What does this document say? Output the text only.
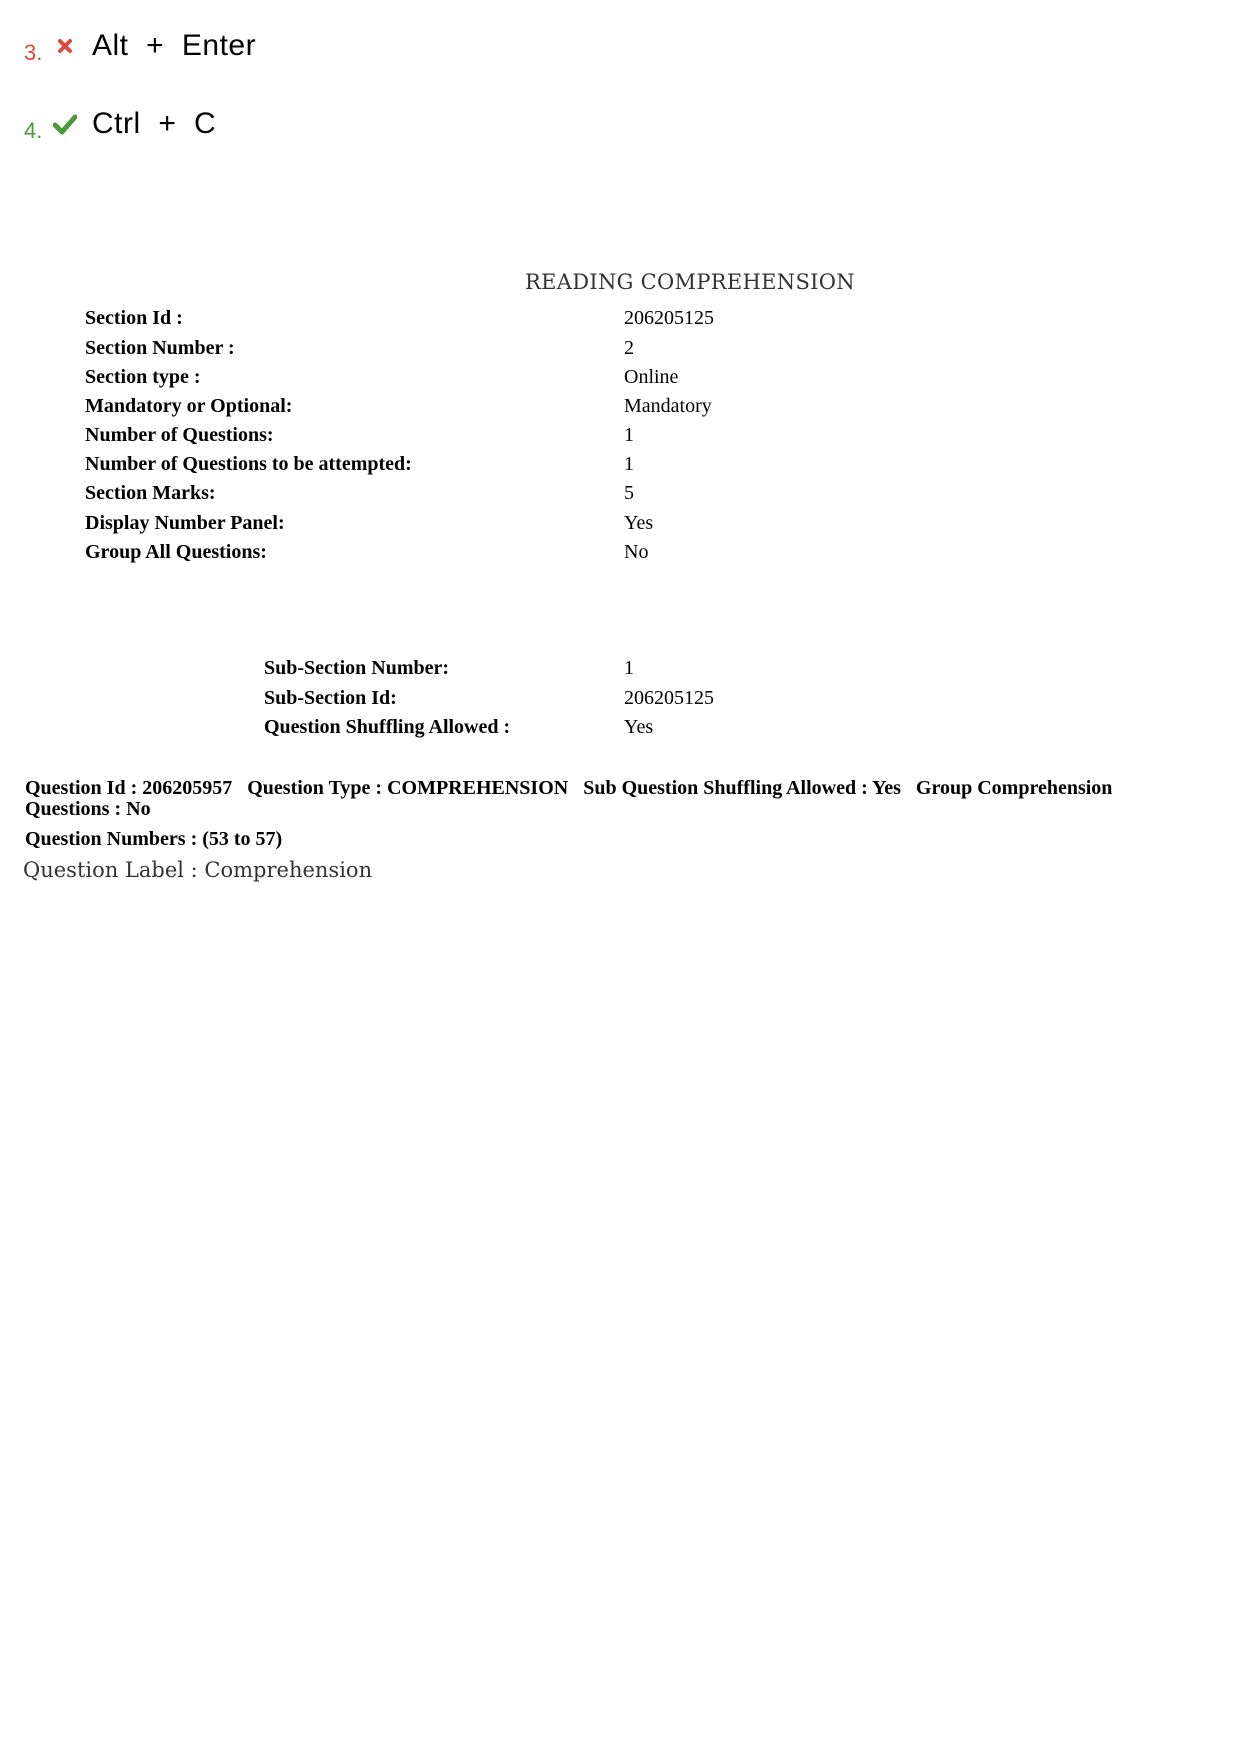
3.	Alt  +  Enter
4.	Ctrl  +  C
READING COMPREHENSION
Section Id :	206205125
Section Number :	2
Section type :	Online
Mandatory or Optional:	Mandatory
Number of Questions:	1
Number of Questions to be attempted:	1
Section Marks:	5
Display Number Panel:	Yes
Group All Questions:	No
Sub-Section Number:	1
Sub-Section Id:	206205125
Question Shuffling Allowed :	Yes
Question Id : 206205957 Question Type : COMPREHENSION Sub Question Shuffling Allowed : Yes Group Comprehension Questions : No
Question Numbers : (53 to 57)
Question Label : Comprehension
